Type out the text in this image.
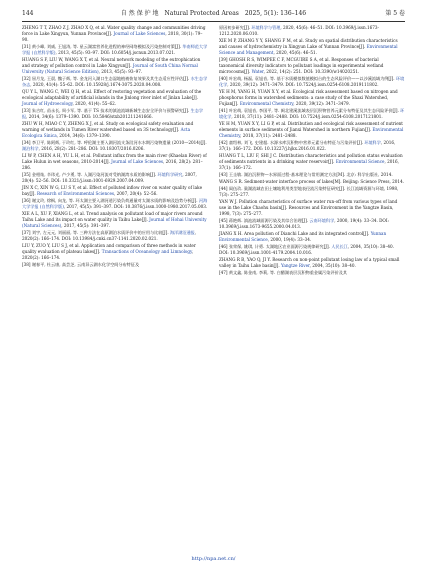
144	自 然 保 护 地　Natural Protected Areas　2025, 5(1): 136–146	第 5 卷
ZHENG T T, ZHAO Z J, ZHAO X Q, et al. Water quality change and communities driving force in Lake Xingyun, Yunnan Province[J]. Journal of Lake Sciences, 2018, 30(1): 79–90.
[31] 黄小峰, 刘威, 王旭涛, 等. 星云湖富营养化进程的神经网络模拟及污染控制对策[J]. 华南师范大学学报 (自然科学版), 2013, 45(5): 93–97. DOI: 10.6054/j.jscnun.2013.07.021.
HUANG S F, LIU W, WANG X T, et al. Neural network modeling of the eutrophication and strategy of pollution control in Lake Xingyun[J]. Journal of South China Normal University (Natural Science Edition), 2013, 45(5): 93–97.
[32] 屈月龙, 王晨, 魏子辉, 等. 金龙河入湖口生态湿地植被恢复效果及其生态适应性评估[J]. 水生态学杂志, 2020, 41(4): 55–62. DOI: 10.15928/j.1674-3075.2020.04.008.
QU Y L, WANG C, WEI Q H, et al. Effect of restoring vegetation and evaluation of the ecological adaptability of artificial islands in the Jinlong river inlet of Jinlan Lake[J]. Journal of Hydroecology, 2020, 41(4): 55–62.
[33] 朱吉红, 苗永长, 周小军, 等. 基于 TS 技术的滇池流域新城生态安全评价与预警研究[J]. 生态学报, 2014, 34(6): 1379–1390. DOI: 10.5846/stxb201211241666.
ZHU W H, MIAO C Y, ZHENG X J, et al. Study on ecological safety evaluation and warning of wetlands in Tumen River watershed based on 3S technology[J]. Acta Ecologica Sinica, 2014, 34(6): 1379–1390.
[34] 李卫平, 陈阿辉, 于玲红, 等. 呼伦湖主要入湖河流支条段河水水期污染物遗量 (2010—2014)[J]. 湖泊科学, 2016, 28(2): 281–286. DOI: 10.18307/2016.0206.
LI W P, CHEN A H, YU L H, et al. Pollutant influx from the main river (Khaelan River) of Lake Hulun in wet seasons, 2010-2014[J]. Journal of Lake Sciences, 2016, 28(2): 281–286.
[35] 金相灿, 辛玮光, 卢少勇, 等. 入湖污染河流对受纳湖湾水质的影响[J]. 环境科学研究, 2007, 20(4): 52–56. DOI: 10.3321/j.issn:1001-6929.2007.04.009.
JIN X C, XIN W G, LU S Y, et al. Effect of polluted inflow river on water quality of lake bay[J]. Research of Environmental Sciences, 2007, 20(4): 52–56.
[36] 谢文玲, 徐枫, 向龙, 等. 环太湖主要入湖河道污染负荷通量对太湖水质的影响及趋势分析[J]. 河海大学学报 (自然科学版), 2017, 45(5): 391–397. DOI: 10.3876/j.issn.1000-1980.2017.05.003.
XIE A L, XU F, XIANG L, et al. Trend analysis on pollutant load of major rivers around Taihu Lake and its impact on water quality in Taihu Lake[J]. Journal of Hohai University (Natural Sciences), 2017, 45(5): 391–397.
[37] 刘宇, 左元元, 刘丽丽, 等. 三种方法在高原湖泊水质评价中的应用与比较[J]. 海洋湖沼通报, 2020(2): 166–174. DOI: 10.13984/j.cnki.cn37-1141.2020.02.021.
LIU Y, ZUO Y, LIU S J, et al. Application and comparison of three methods in water quality evaluation of plateau lakes[J]. Transactions of Oceanology and Limnology, 2020(2): 166–174.
[38] 谢春平, 杜云康, 高芸芝, 云南异云湖水化学空间分布特征及
原因初步研究[J]. 环境科学与管理, 2020, 45(6): 46–51. DOI: 10.3969/j.issn.1673-1212.2020.06.010.
XIE M P, ZHANG Y Y, SHANG F M, et al. Study on spatial distribution characteristics and causes of hydrochemistry in Xingyun Lake of Yunnan Province[J]. Environmental Science and Management, 2020, 45(6): 46–51.
[39] GHOSH R S, WIMPEE C F, MCGUIRE S A, et al. Responses of bacterial taxonomical diversity indicators to pollutant loadings in experimental wetland microcosms[J]. Water, 2022, 14(2): 251. DOI: 10.3390/w14020251.
[40] 叶宏萌, 杨磊, 袁旭音, 等. 基于水质模拟数值模拟台的生态风险评价——以沙溪流域为例[J]. 环境化学, 2020, 39(12): 3471–3479. DOI: 10.7524/j.issn.0254-6108.2019111802.
YE H M, YANG H, YUAN X Y, et al. Ecological risk assessment based on nitrogen and phosphorus forms in watershed sediments: a case study of the Shaxi Watershed, Fujian[J]. Environmental Chemistry, 2020, 39(12): 3471–3479.
[41] 叶宏萌, 袁旭音, 李国平, 等. 闽北建溪流域表层沉积物营养元素分布特征及其生态风险评价[J]. 环境化学, 2018, 37(11): 2481–2488. DOI: 10.7524/j.issn.0254-6108.2017121801.
YE H M, YUAN X Y, LI G P, et al. Distribution and ecological risk assessment of nutrient elements in surface sediments of Jianxi Watershed in northern Fujian[J]. Environmental Chemistry, 2018, 37(11): 2481–2488.
[42] 童绍林, 刘飞, 史建超. 水源水库沉积物中营养元素分布特征与污染评价[J]. 环境科学, 2016, 37(1): 166–172. DOI: 10.13227/j.hjkx.2016.01.022.
HUANG T L, LIU F, SHI J C. Distribution characteristics and pollution status evaluation of sediments nutrients in a drinking water reservoir[J]. Environmental Science, 2016, 37(1): 166–172.
[43] 王圭敏. 湖泊沉积物—水界面过程-基本理论与常用测定方法[M]. 北京: 科学出版社, 2014.
WANG S R. Sediment-water interface process of lakes[M]. Beijing: Science Press, 2014.
[44] 阎伍玖. 巢湖流域农田土壤地利用类型地表径流污染特征研究[J]. 长江流域资源与环境, 1998, 7(3): 275–277.
YAN W J. Pollution characteristics of surface water run-off from various types of land use in the Lake Chaohu basin[J]. Resources and Environment in the Yangtze Basin, 1998, 7(3): 275–277.
[45] 蒋艳辉. 滇池流域面源污染及其综合治理[J]. 云南环境科学, 2000, 19(4): 33–34. DOI: 10.3969/j.issn.1673-9655.2000.04.013.
JIANG X H. Area pollution of Dianchi Lake and its integrated control[J]. Yunnan Environmental Science, 2000, 19(4): 33–34.
[46] 张荣保, 姚琪, 计勇. 太湖地区农业面源污染规律研究[J]. 人民长江, 2004, 35(10): 38–40. DOI: 10.3969/j.issn.1001-4179.2004.10.016.
ZHANG R B, YAO Q, JI Y. Research on non-point pollutant losing law of a typical small valley in Taihu Lake basin[J]. Yangtze River, 2004, 35(10): 38–40.
[47] 黄文鑫, 陈金南, 李莉, 等. 白醋湖表层沉积物重金属污染评价及其
http://npa.net.cn/
